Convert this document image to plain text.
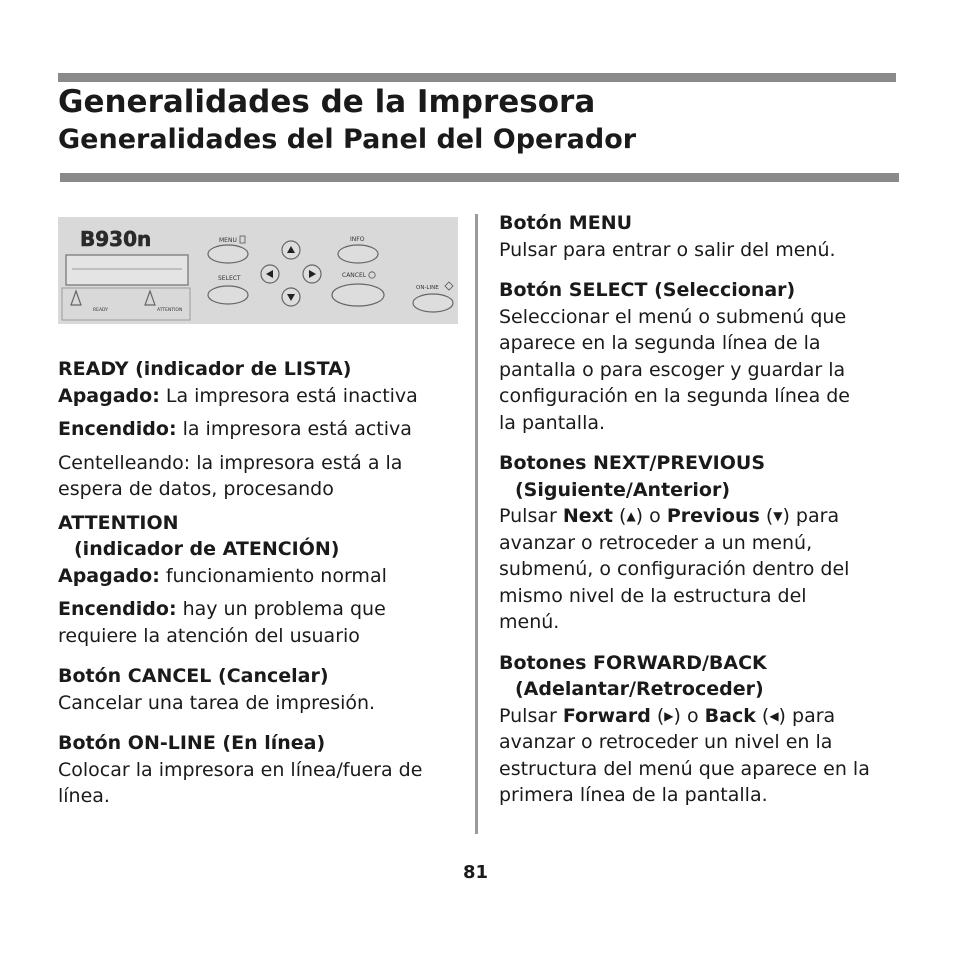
Generalidades de la Impresora
Generalidades del Panel del Operador
B930n
READY	ATTENTION
MENU
SELECT
INFO
CANCEL
ON-LINE

READY (indicador de LISTA)

Apagado: La impresora está inactiva

Encendido: la impresora está activa

Centelleando: la impresora está a la

espera de datos, procesando

ATTENTION

(indicador de ATENCIÓN)

Apagado: funcionamiento normal

Encendido: hay un problema que

requiere la atención del usuario

Botón CANCEL (Cancelar)

Cancelar una tarea de impresión.

Botón ON-LINE (En línea)

Colocar la impresora en línea/fuera de

línea.

Botón MENU

Pulsar para entrar o salir del menú.

Botón SELECT (Seleccionar)

Seleccionar el menú o submenú que

aparece en la segunda línea de la

pantalla o para escoger y guardar la

configuración en la segunda línea de

la pantalla.

Botones NEXT/PREVIOUS

(Siguiente/Anterior)

Pulsar Next (▲) o Previous (▼) para

avanzar o retroceder a un menú,

submenú, o configuración dentro del

mismo nivel de la estructura del

menú.

Botones FORWARD/BACK

(Adelantar/Retroceder)

Pulsar Forward (▶) o Back (◀) para

avanzar o retroceder un nivel en la

estructura del menú que aparece en la

primera línea de la pantalla.

81
